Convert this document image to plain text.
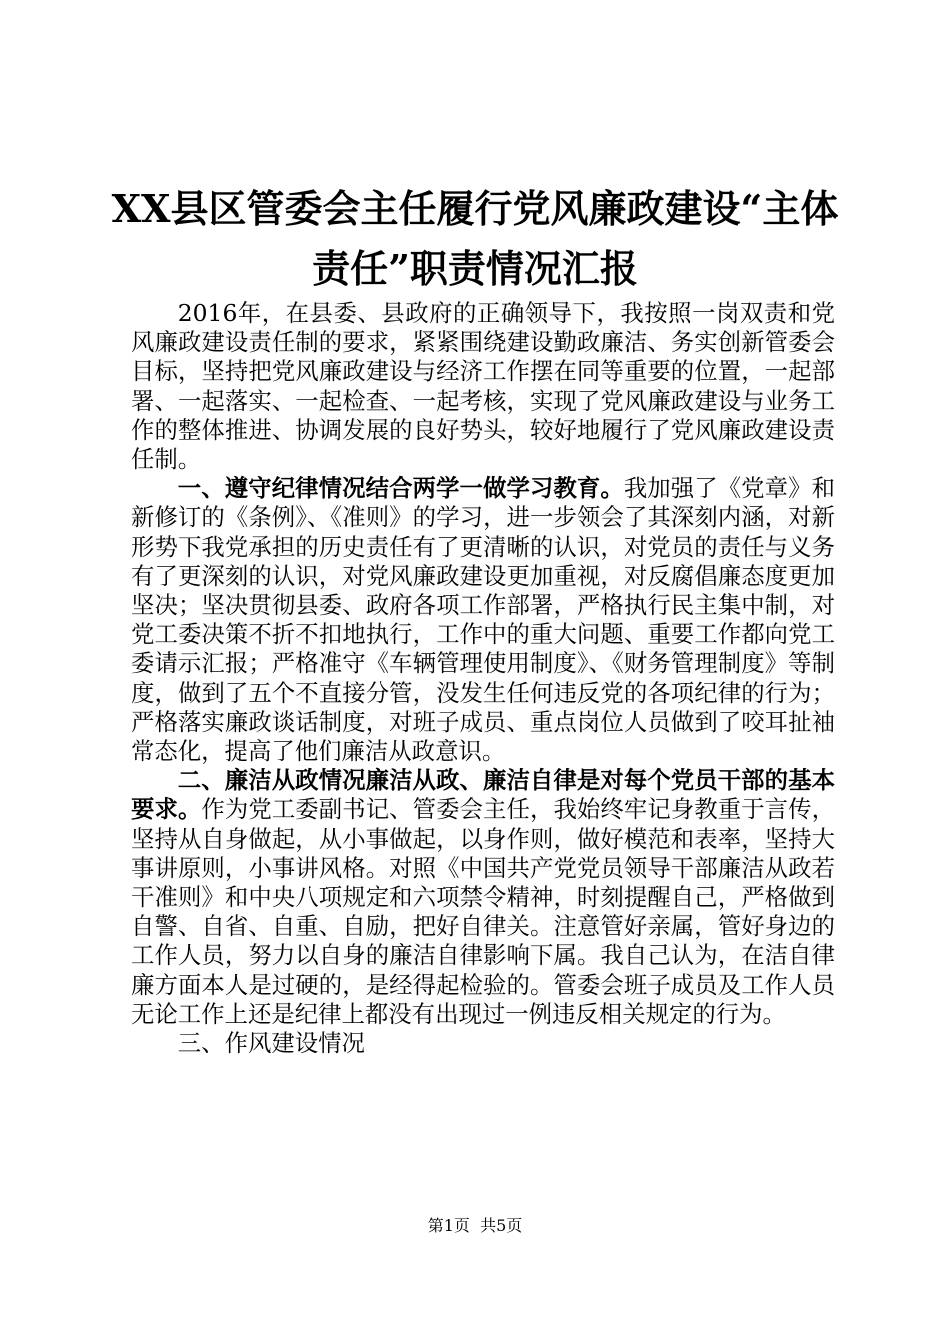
XX县区管委会主任履行党风廉政建设“主体
责任”职责情况汇报

2016年，在县委、县政府的正确领导下，我按照一岗双责和党风廉政建设责任制的要求，紧紧围绕建设勤政廉洁、务实创新管委会目标，坚持把党风廉政建设与经济工作摆在同等重要的位置，一起部署、一起落实、一起检查、一起考核，实现了党风廉政建设与业务工作的整体推进、协调发展的良好势头，较好地履行了党风廉政建设责任制。

一、遵守纪律情况结合两学一做学习教育。我加强了《党章》和新修订的《条例》、《准则》的学习，进一步领会了其深刻内涵，对新形势下我党承担的历史责任有了更清晰的认识，对党员的责任与义务有了更深刻的认识，对党风廉政建设更加重视，对反腐倡廉态度更加坚决；坚决贯彻县委、政府各项工作部署，严格执行民主集中制，对党工委决策不折不扣地执行，工作中的重大问题、重要工作都向党工委请示汇报；严格准守《车辆管理使用制度》、《财务管理制度》等制度，做到了五个不直接分管，没发生任何违反党的各项纪律的行为；严格落实廉政谈话制度，对班子成员、重点岗位人员做到了咬耳扯袖常态化，提高了他们廉洁从政意识。

二、廉洁从政情况廉洁从政、廉洁自律是对每个党员干部的基本要求。作为党工委副书记、管委会主任，我始终牢记身教重于言传，坚持从自身做起，从小事做起，以身作则，做好模范和表率，坚持大事讲原则，小事讲风格。对照《中国共产党党员领导干部廉洁从政若干准则》和中央八项规定和六项禁令精神，时刻提醒自己，严格做到自警、自省、自重、自励，把好自律关。注意管好亲属，管好身边的工作人员，努力以自身的廉洁自律影响下属。我自己认为，在洁自律廉方面本人是过硬的，是经得起检验的。管委会班子成员及工作人员无论工作上还是纪律上都没有出现过一例违反相关规定的行为。

三、作风建设情况

第1页  共5页
